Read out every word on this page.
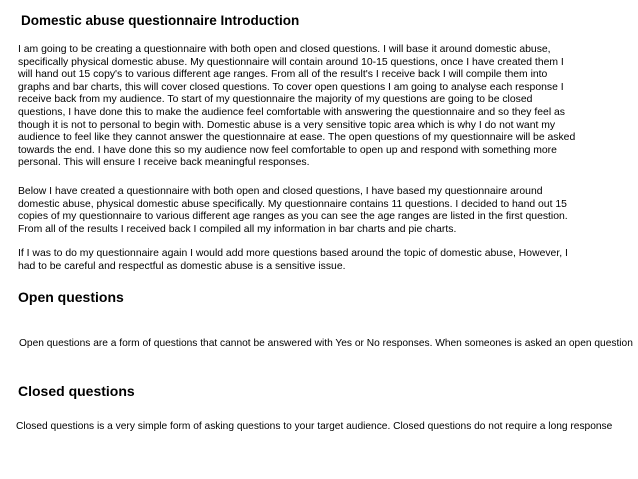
Domestic abuse questionnaire Introduction
I am going to be creating a questionnaire with both open and closed questions. I will base it around domestic abuse,
specifically physical domestic abuse. My questionnaire will contain around 10-15 questions, once I have created them I
will hand out 15 copy's to various different age ranges. From all of the result's I receive back I will compile them into
graphs and bar charts, this will cover closed questions. To cover open questions I am going to analyse each response I
receive back from my audience. To start of my questionnaire the majority of my questions are going to be closed
questions, I have done this to make the audience feel comfortable with answering the questionnaire and so they feel as
though it is not to personal to begin with. Domestic abuse is a very sensitive topic area which is why I do not want my
audience to feel like they cannot answer the questionnaire at ease. The open questions of my questionnaire will be asked
towards the end. I have done this so my audience now feel comfortable to open up and respond with something more
personal. This will ensure I receive back meaningful responses.
Below I have created a questionnaire with both open and closed questions, I have based my questionnaire around
domestic abuse, physical domestic abuse specifically. My questionnaire contains 11 questions. I decided to hand out 15
copies of my questionnaire to various different age ranges as you can see the age ranges are listed in the first question.
From all of the results I received back I compiled all my information in bar charts and pie charts.
If I was to do my questionnaire again I would add more questions based around the topic of domestic abuse, However, I
had to be careful and respectful as domestic abuse is a sensitive issue.
Open questions

Open questions are a form of questions that cannot be answered with Yes or No responses. When someones is asked an open question

Closed questions

Closed questions is a very simple form of asking questions to your target audience. Closed questions do not require a long response
